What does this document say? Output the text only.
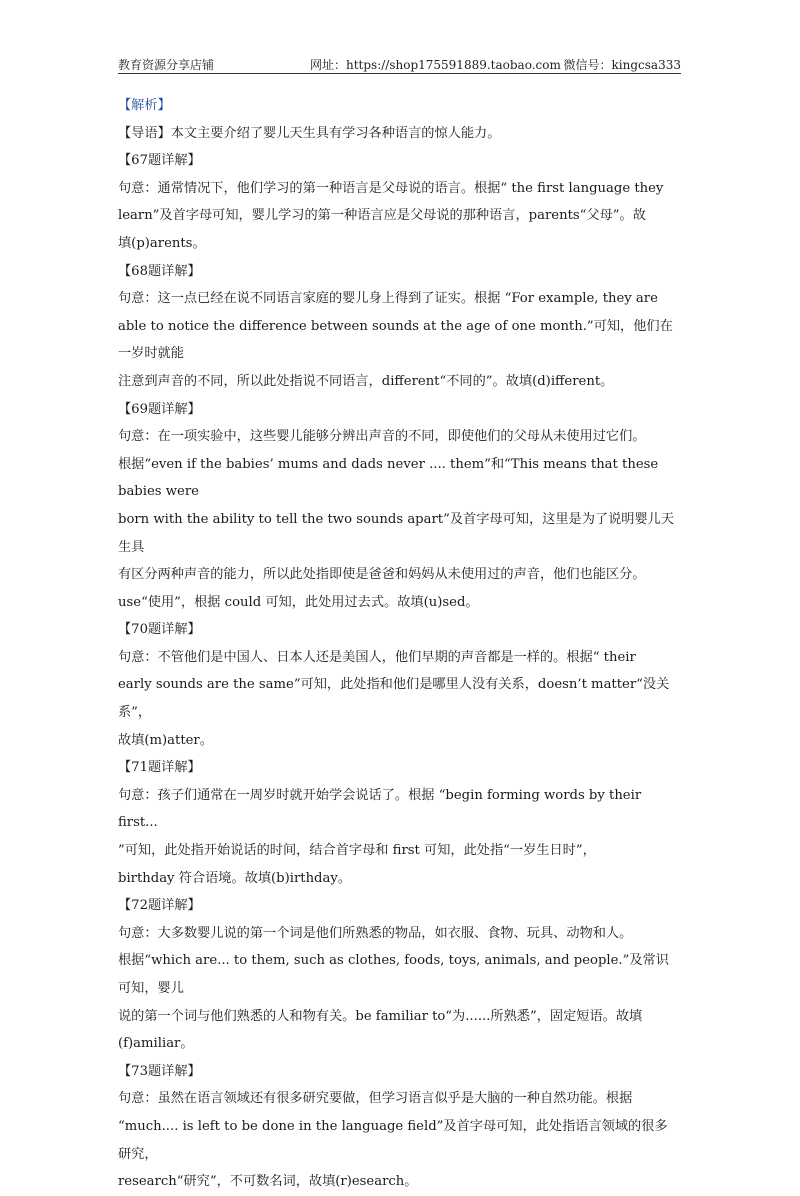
教育资源分享店铺	网址：https://shop175591889.taobao.com 微信号：kingcsa333
【解析】
【导语】本文主要介绍了婴儿天生具有学习各种语言的惊人能力。
【67题详解】
句意：通常情况下，他们学习的第一种语言是父母说的语言。根据“ the first language they
learn”及首字母可知，婴儿学习的第一种语言应是父母说的那种语言，parents“父母”。故
填(p)arents。
【68题详解】
句意：这一点已经在说不同语言家庭的婴儿身上得到了证实。根据 “For example, they are
able to notice the difference between sounds at the age of one month.”可知，他们在一岁时就能
注意到声音的不同，所以此处指说不同语言，different“不同的”。故填(d)ifferent。
【69题详解】
句意：在一项实验中，这些婴儿能够分辨出声音的不同，即使他们的父母从未使用过它们。
根据“even if the babies’ mums and dads never .... them”和“This means that these babies were
born with the ability to tell the two sounds apart”及首字母可知，这里是为了说明婴儿天生具
有区分两种声音的能力，所以此处指即使是爸爸和妈妈从未使用过的声音，他们也能区分。
use“使用”，根据 could 可知，此处用过去式。故填(u)sed。
【70题详解】
句意：不管他们是中国人、日本人还是美国人，他们早期的声音都是一样的。根据“ their
early sounds are the same”可知，此处指和他们是哪里人没有关系，doesn’t matter“没关系”，
故填(m)atter。
【71题详解】
句意：孩子们通常在一周岁时就开始学会说话了。根据 “begin forming words by their first...
”可知，此处指开始说话的时间，结合首字母和 first 可知，此处指“一岁生日时”，
birthday 符合语境。故填(b)irthday。
【72题详解】
句意：大多数婴儿说的第一个词是他们所熟悉的物品，如衣服、食物、玩具、动物和人。
根据“which are... to them, such as clothes, foods, toys, animals, and people.”及常识可知，婴儿
说的第一个词与他们熟悉的人和物有关。be familiar to“为......所熟悉”，固定短语。故填
(f)amiliar。
【73题详解】
句意：虽然在语言领域还有很多研究要做，但学习语言似乎是大脑的一种自然功能。根据
“much.... is left to be done in the language field”及首字母可知，此处指语言领域的很多研究，
research“研究”，不可数名词，故填(r)esearch。
